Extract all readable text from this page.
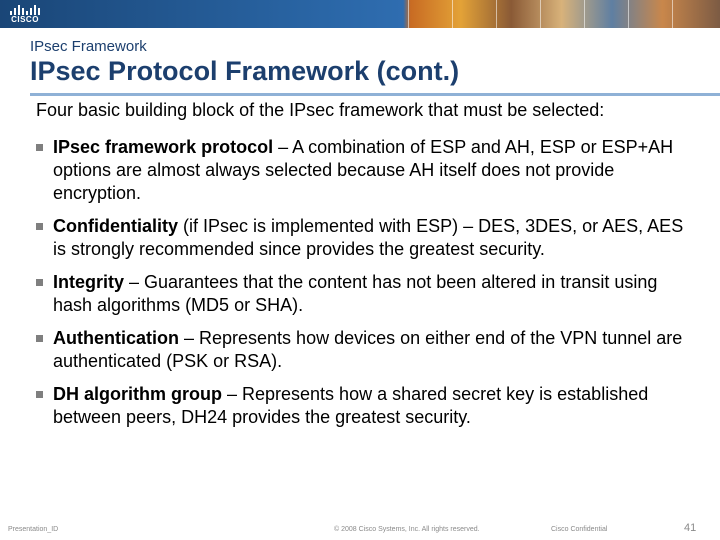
CISCO
IPsec Framework
IPsec Protocol Framework (cont.)
Four basic building block of the IPsec framework that must be selected:
IPsec framework protocol – A combination of ESP and AH, ESP or ESP+AH options are almost always selected because AH itself does not provide encryption.
Confidentiality (if IPsec is implemented with ESP) – DES, 3DES, or AES, AES is strongly recommended since provides the greatest security.
Integrity – Guarantees that the content has not been altered in transit using hash algorithms (MD5 or SHA).
Authentication – Represents how devices on either end of the VPN tunnel are authenticated (PSK or RSA).
DH algorithm group – Represents how a shared secret key is established between peers, DH24 provides the greatest security.
Presentation_ID	© 2008 Cisco Systems, Inc. All rights reserved.	Cisco Confidential	41
